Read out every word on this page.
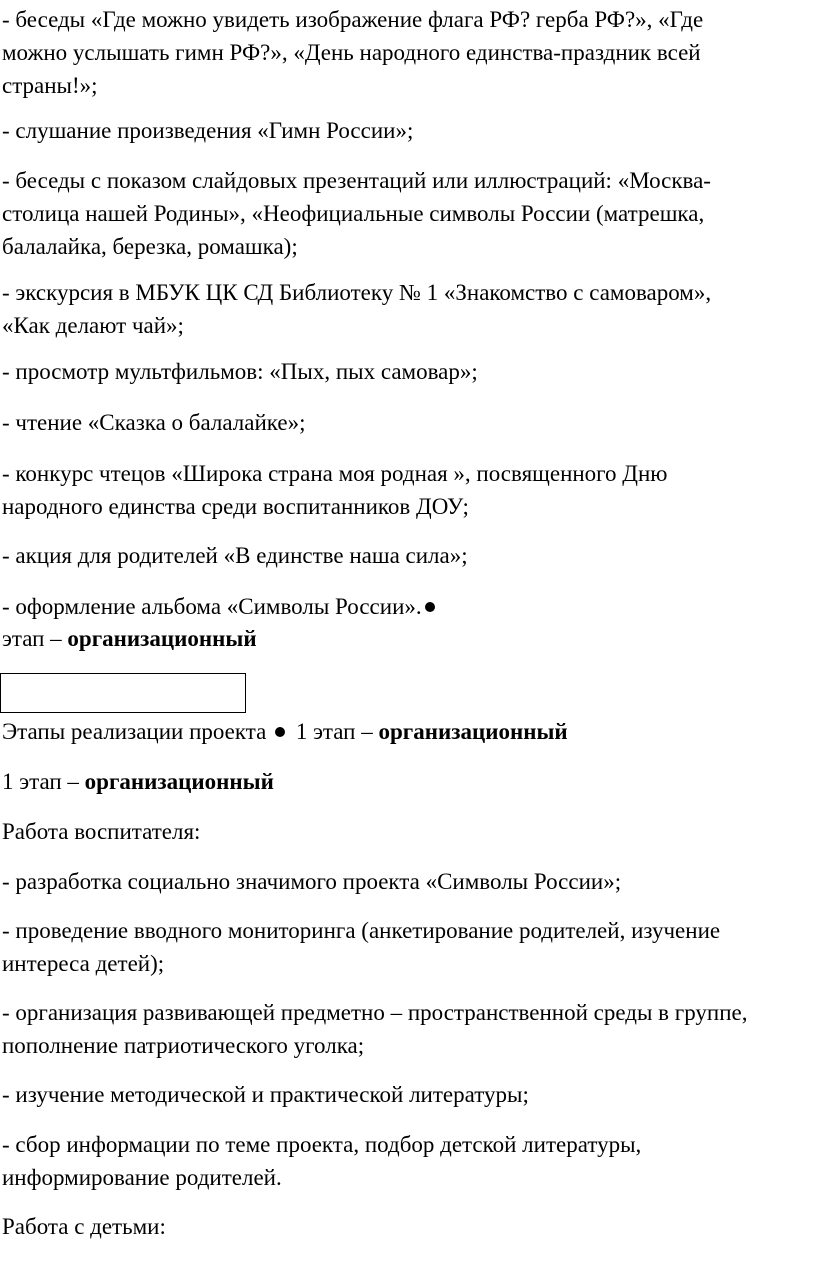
- беседы «Где можно увидеть изображение флага РФ? герба РФ?», «Где
можно услышать гимн РФ?», «День народного единства-праздник всей
страны!»;

- слушание произведения «Гимн России»;

- беседы с показом слайдовых презентаций или иллюстраций: «Москва-
столица нашей Родины», «Неофициальные символы России (матрешка,
балалайка, березка, ромашка);

- экскурсия в МБУК ЦК СД Библиотеку № 1 «Знакомство с самоваром»,
«Как делают чай»;

- просмотр мультфильмов: «Пых, пых самовар»;

- чтение «Сказка о балалайке»;

- конкурс чтецов «Широка страна моя родная », посвященного Дню
народного единства среди воспитанников ДОУ;

- акция для родителей «В единстве наша сила»;

- оформление альбома «Символы России».

этап – организационный

Этапы реализации проекта  1 этап – организационный

1 этап – организационный

Работа воспитателя:

- разработка социально значимого проекта «Символы России»;

- проведение вводного мониторинга (анкетирование родителей, изучение
интереса детей);

- организация развивающей предметно – пространственной среды в группе,
пополнение патриотического уголка;

- изучение методической и практической литературы;

- сбор информации по теме проекта, подбор детской литературы,
информирование родителей.

Работа с детьми:
